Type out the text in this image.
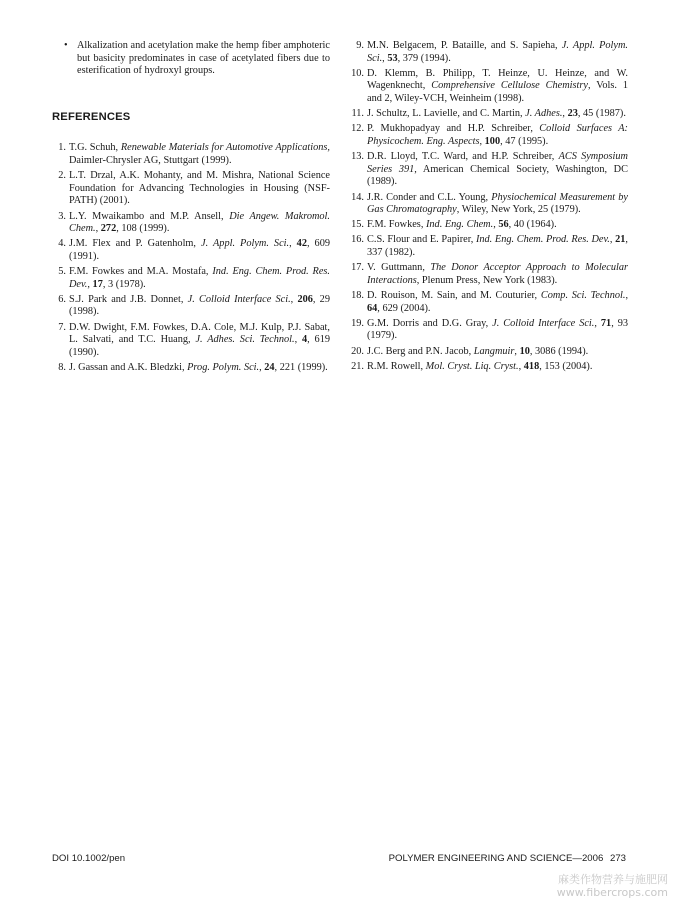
• Alkalization and acetylation make the hemp fiber amphoteric but basicity predominates in case of acetylated fibers due to esterification of hydroxyl groups.

REFERENCES
1. T.G. Schuh, Renewable Materials for Automotive Applications, Daimler-Chrysler AG, Stuttgart (1999).
2. L.T. Drzal, A.K. Mohanty, and M. Mishra, National Science Foundation for Advancing Technologies in Housing (NSF-PATH) (2001).
3. L.Y. Mwaikambo and M.P. Ansell, Die Angew. Makromol. Chem., 272, 108 (1999).
4. J.M. Flex and P. Gatenholm, J. Appl. Polym. Sci., 42, 609 (1991).
5. F.M. Fowkes and M.A. Mostafa, Ind. Eng. Chem. Prod. Res. Dev., 17, 3 (1978).
6. S.J. Park and J.B. Donnet, J. Colloid Interface Sci., 206, 29 (1998).
7. D.W. Dwight, F.M. Fowkes, D.A. Cole, M.J. Kulp, P.J. Sabat, L. Salvati, and T.C. Huang, J. Adhes. Sci. Technol., 4, 619 (1990).
8. J. Gassan and A.K. Bledzki, Prog. Polym. Sci., 24, 221 (1999).
9. M.N. Belgacem, P. Bataille, and S. Sapieha, J. Appl. Polym. Sci., 53, 379 (1994).
10. D. Klemm, B. Philipp, T. Heinze, U. Heinze, and W. Wagenknecht, Comprehensive Cellulose Chemistry, Vols. 1 and 2, Wiley-VCH, Weinheim (1998).
11. J. Schultz, L. Lavielle, and C. Martin, J. Adhes., 23, 45 (1987).
12. P. Mukhopadyay and H.P. Schreiber, Colloid Surfaces A: Physicochem. Eng. Aspects, 100, 47 (1995).
13. D.R. Lloyd, T.C. Ward, and H.P. Schreiber, ACS Symposium Series 391, American Chemical Society, Washington, DC (1989).
14. J.R. Conder and C.L. Young, Physiochemical Measurement by Gas Chromatography, Wiley, New York, 25 (1979).
15. F.M. Fowkes, Ind. Eng. Chem., 56, 40 (1964).
16. C.S. Flour and E. Papirer, Ind. Eng. Chem. Prod. Res. Dev., 21, 337 (1982).
17. V. Guttmann, The Donor Acceptor Approach to Molecular Interactions, Plenum Press, New York (1983).
18. D. Rouison, M. Sain, and M. Couturier, Comp. Sci. Technol., 64, 629 (2004).
19. G.M. Dorris and D.G. Gray, J. Colloid Interface Sci., 71, 93 (1979).
20. J.C. Berg and P.N. Jacob, Langmuir, 10, 3086 (1994).
21. R.M. Rowell, Mol. Cryst. Liq. Cryst., 418, 153 (2004).
DOI 10.1002/pen	POLYMER ENGINEERING AND SCIENCE—2006 273
麻类作物营养与施肥网
www.fibercrops.com
